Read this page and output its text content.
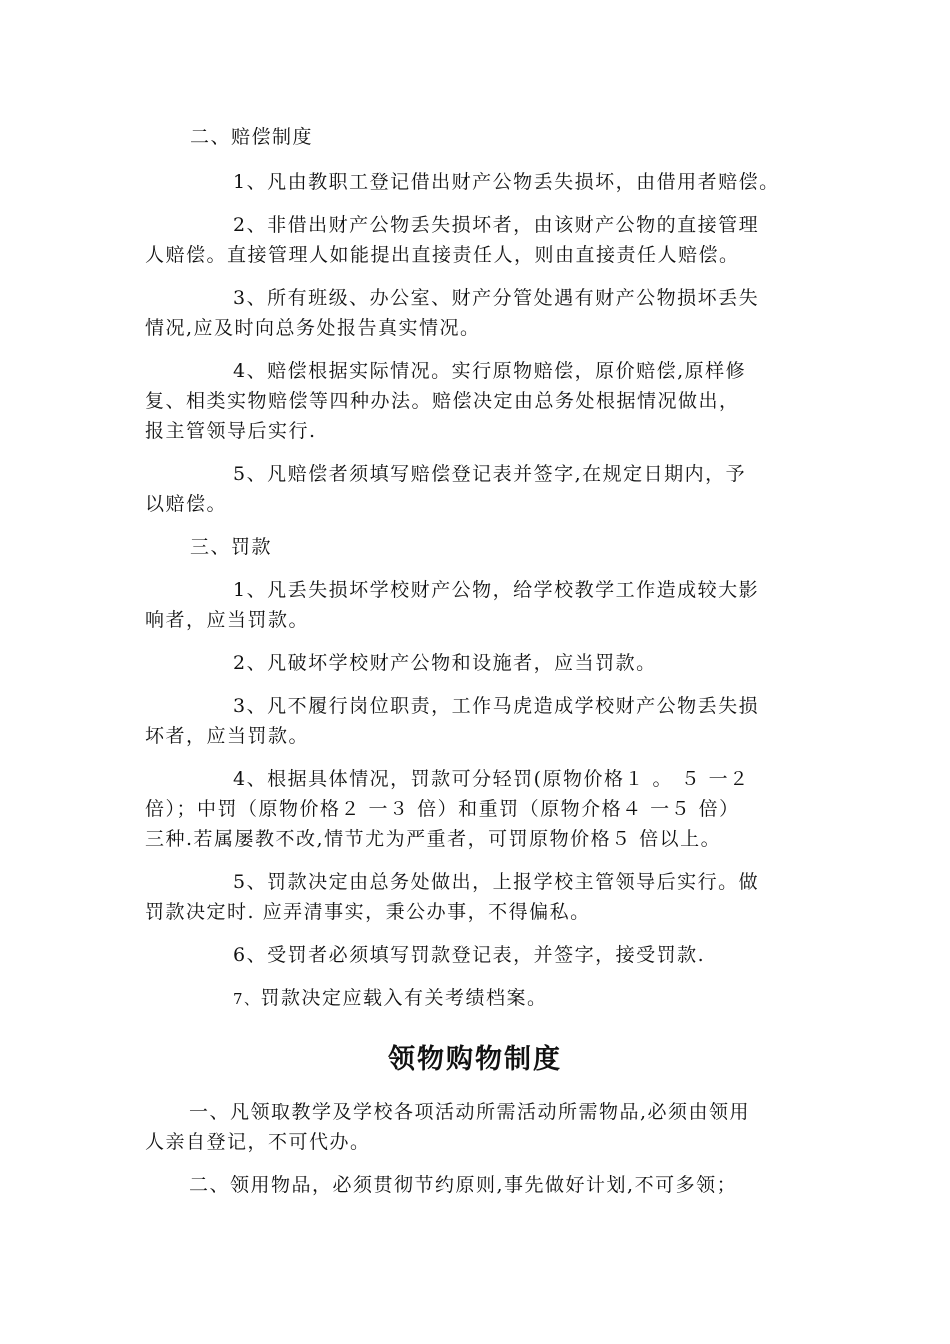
二、赔偿制度

1、凡由教职工登记借出财产公物丢失损坏，由借用者赔偿。

2、非借出财产公物丢失损坏者，由该财产公物的直接管理

人赔偿。直接管理人如能提出直接责任人，则由直接责任人赔偿。

3、所有班级、办公室、财产分管处遇有财产公物损坏丢失

情况,应及时向总务处报告真实情况。

4、赔偿根据实际情况。实行原物赔偿，原价赔偿,原样修

复、相类实物赔偿等四种办法。赔偿决定由总务处根据情况做出，

报主管领导后实行.

5、凡赔偿者须填写赔偿登记表并签字,在规定日期内，予

以赔偿。

三、罚款

1、凡丢失损坏学校财产公物，给学校教学工作造成较大影

响者，应当罚款。

2、凡破坏学校财产公物和设施者，应当罚款。

3、凡不履行岗位职责，工作马虎造成学校财产公物丢失损

坏者，应当罚款。

4、根据具体情况，罚款可分轻罚(原物价格１ 。 ５ 一２

倍）；中罚（原物价格２ 一３ 倍）和重罚（原物介格４ 一５ 倍）

三种.若属屡教不改,情节尤为严重者，可罚原物价格５ 倍以上。

5、罚款决定由总务处做出，上报学校主管领导后实行。做

罚款决定时. 应弄清事实，秉公办事，不得偏私。

6、受罚者必须填写罚款登记表，并签字，接受罚款.

7、罚款决定应载入有关考绩档案。

领物购物制度

一、凡领取教学及学校各项活动所需活动所需物品,必须由领用

人亲自登记，不可代办。

二、领用物品，必须贯彻节约原则,事先做好计划,不可多领；
